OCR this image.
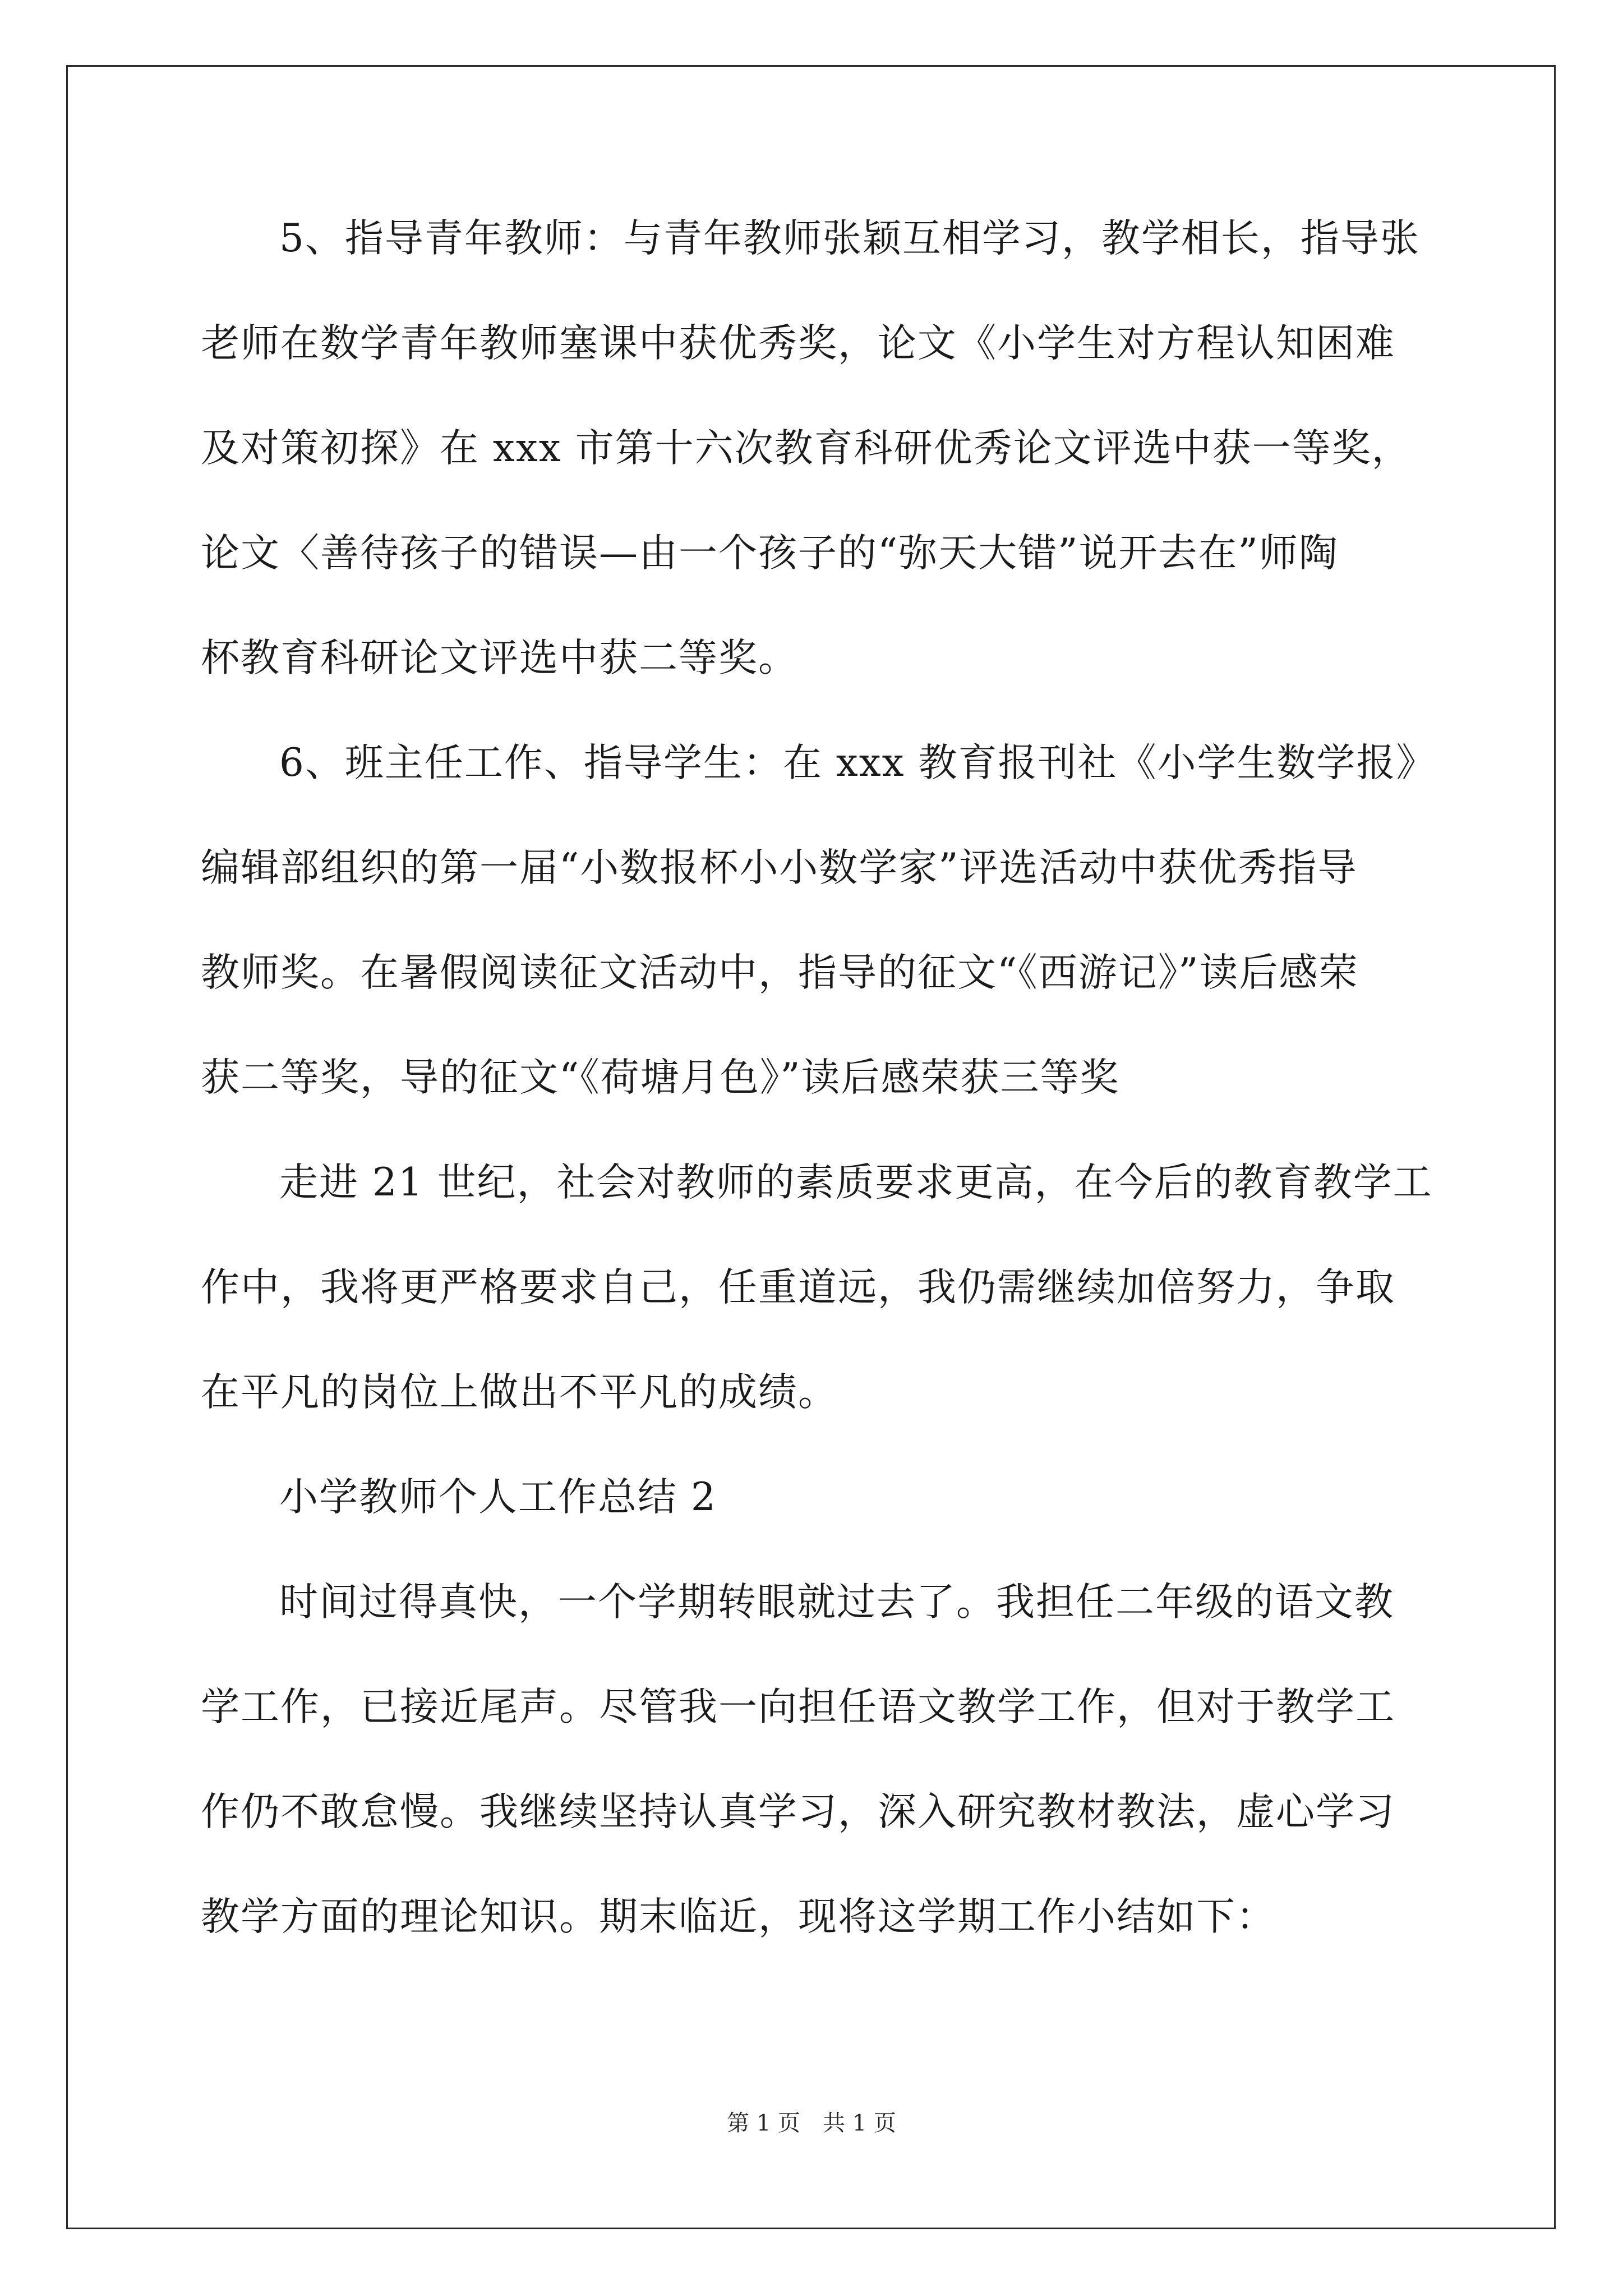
5、指导青年教师：与青年教师张颖互相学习，教学相长，指导张
老师在数学青年教师塞课中获优秀奖，论文《小学生对方程认知困难
及对策初探》在 xxx 市第十六次教育科研优秀论文评选中获一等奖，
论文〈善待孩子的错误—由一个孩子的“弥天大错”说开去在”师陶
杯教育科研论文评选中获二等奖。
6、班主任工作、指导学生：在 xxx 教育报刊社《小学生数学报》
编辑部组织的第一届“小数报杯小小数学家”评选活动中获优秀指导
教师奖。在暑假阅读征文活动中，指导的征文“《西游记》”读后感荣
获二等奖，导的征文“《荷塘月色》”读后感荣获三等奖
走进 21 世纪，社会对教师的素质要求更高，在今后的教育教学工
作中，我将更严格要求自己，任重道远，我仍需继续加倍努力，争取
在平凡的岗位上做出不平凡的成绩。
小学教师个人工作总结 2
时间过得真快，一个学期转眼就过去了。我担任二年级的语文教
学工作，已接近尾声。尽管我一向担任语文教学工作，但对于教学工
作仍不敢怠慢。我继续坚持认真学习，深入研究教材教法，虚心学习
教学方面的理论知识。期末临近，现将这学期工作小结如下：
第 1 页　共 1 页
